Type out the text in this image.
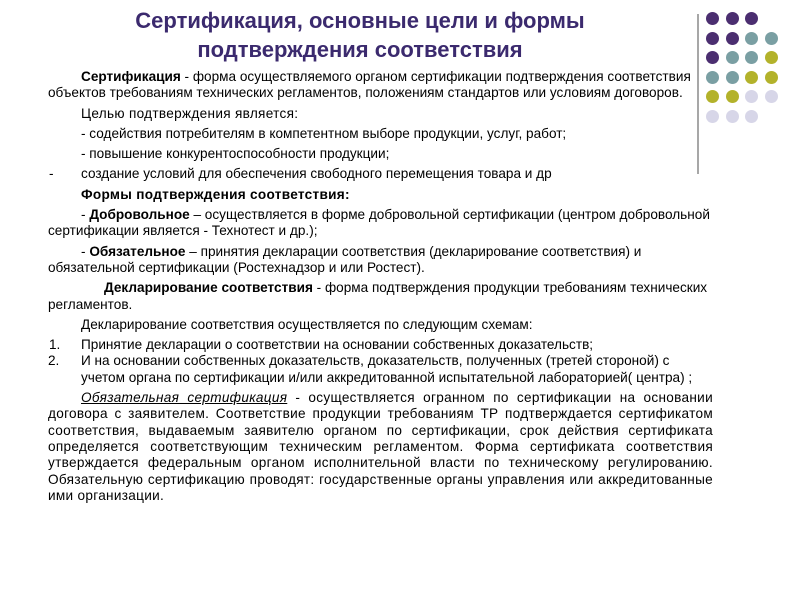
Сертификация, основные цели и формы
подтверждения соответствия

Сертификация - форма осуществляемого органом сертификации подтверждения соответствия объектов требованиям технических регламентов, положениям стандартов или условиям договоров.

Целью подтверждения является:

- содействия потребителям в компетентном выборе продукции, услуг, работ;

- повышение конкурентоспособности продукции;

- создание условий для обеспечения свободного перемещения товара и др

Формы подтверждения соответствия:

- Добровольное – осуществляется в форме добровольной сертификации (центром добровольной сертификации является - Технотест и др.);

- Обязательное – принятия декларации соответствия (декларирование соответствия) и обязательной сертификации (Ростехнадзор и или Ростест).

Декларирование соответствия - форма подтверждения продукции требованиям технических регламентов.

Декларирование соответствия осуществляется по следующим схемам:

1. Принятие декларации о соответствии на основании собственных доказательств;

2.	И на основании собственных доказательств, доказательств, полученных (третей стороной) с учетом органа по сертификации и/или аккредитованной испытательной лабораторией( центра) ;

Обязательная сертификация - осуществляется огранном по сертификации на основании договора с заявителем. Соответствие продукции требованиям ТР подтверждается сертификатом соответствия, выдаваемым заявителю органом по сертификации, срок действия сертификата определяется соответствующим техническим регламентом. Форма сертификата соответствия утверждается федеральным органом исполнительной власти по техническому регулированию. Обязательную сертификацию проводят: государственные органы управления или аккредитованные ими организации.
